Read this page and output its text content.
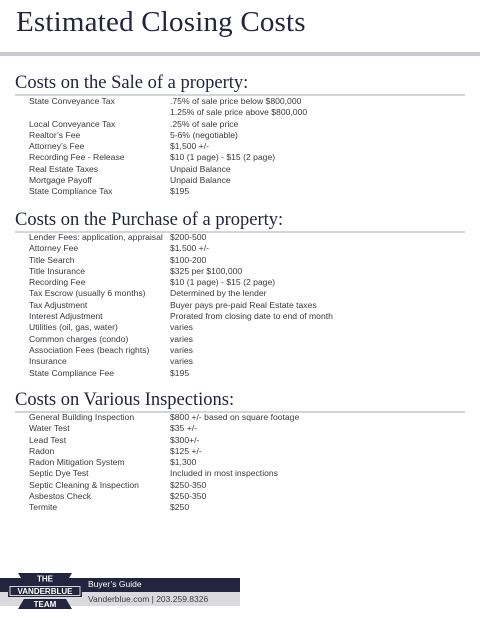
Estimated Closing Costs
Costs on the Sale of a property:
State Conveyance Tax	.75% of sale price below $800,000
1.25% of sale price above $800,000
Local Conveyance Tax	.25% of sale price
Realtor’s Fee	5-6% (negotiable)
Attorney’s Fee	$1,500 +/-
Recording Fee - Release	$10 (1 page) - $15 (2 page)
Real Estate Taxes	Unpaid Balance
Mortgage Payoff	Unpaid Balance
State Compliance Tax	$195
Costs on the Purchase of a property:
Lender Fees: application, appraisal $200-500
Attorney Fee	$1.500 +/-
Title Search	$100-200
Title Insurance	$325 per $100,000
Recording Fee	$10 (1 page) - $15 (2 page)
Tax Escrow (usually 6 months)	Determined by the lender
Tax Adjustment	Buyer pays pre-paid Real Estate taxes
Interest Adjustment	Prorated from closing date to end of month
Utilities (oil, gas, water)	varies
Common charges (condo)	varies
Association Fees (beach rights)	varies
Insurance	varies
State Compliance Fee	$195
Costs on Various Inspections:
General Building Inspection	$800 +/- based on square footage
Water Test	$35 +/-
Lead Test	$300+/-
Radon	$125 +/-
Radon Mitigation System	$1,300
Septic Dye Test	Included in most inspections
Septic Cleaning & Inspection	$250-350
Asbestos Check	$250-350
Termite	$250
Buyer’s Guide
Vanderblue.com | 203.259.8326
THE
VANDERBLUE
TEAM
